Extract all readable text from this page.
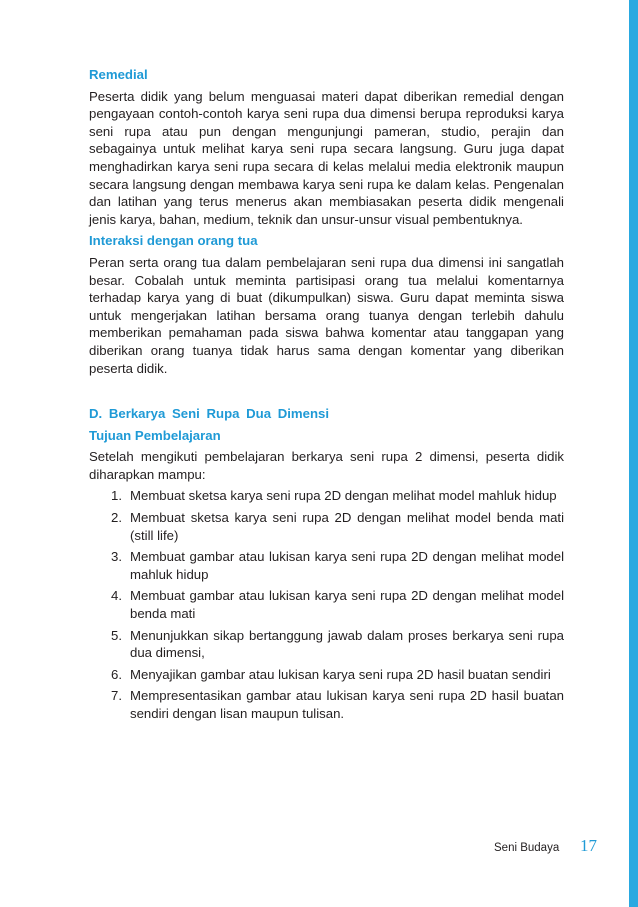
Remedial

Peserta didik yang belum menguasai materi dapat diberikan remedial dengan pengayaan contoh-contoh karya seni rupa dua dimensi berupa reproduksi karya seni rupa atau pun dengan mengunjungi pameran, studio, perajin dan sebagainya untuk melihat karya seni rupa secara langsung. Guru juga dapat menghadirkan karya seni rupa secara di kelas melalui media elektronik maupun secara langsung dengan membawa karya seni rupa ke dalam kelas. Pengenalan dan latihan yang terus menerus akan membiasakan peserta didik mengenali jenis karya, bahan, medium, teknik dan unsur-unsur visual pembentuknya.

Interaksi dengan orang tua

Peran serta orang tua dalam pembelajaran seni rupa dua dimensi ini sangatlah besar. Cobalah untuk meminta partisipasi orang tua melalui komentarnya terhadap karya yang di buat (dikumpulkan) siswa. Guru dapat meminta siswa untuk mengerjakan latihan bersama orang tuanya dengan terlebih dahulu memberikan pemahaman pada siswa bahwa komentar atau tanggapan yang diberikan orang tuanya tidak harus sama dengan komentar yang diberikan peserta didik.

D. Berkarya Seni Rupa Dua Dimensi
Tujuan Pembelajaran

Setelah mengikuti pembelajaran berkarya seni rupa 2 dimensi, peserta didik diharapkan mampu:

1. Membuat sketsa karya seni rupa 2D dengan melihat model mahluk hidup
2. Membuat sketsa karya seni rupa 2D dengan melihat model benda mati (still life)
3. Membuat gambar atau lukisan karya seni rupa 2D dengan melihat model mahluk hidup
4. Membuat gambar atau lukisan karya seni rupa 2D dengan melihat model benda mati
5. Menunjukkan sikap bertanggung jawab dalam proses berkarya seni rupa dua dimensi,
6. Menyajikan gambar atau lukisan karya seni rupa 2D hasil buatan sendiri
7. Mempresentasikan gambar atau lukisan karya seni rupa 2D hasil buatan sendiri dengan lisan maupun tulisan.
Seni Budaya 17
